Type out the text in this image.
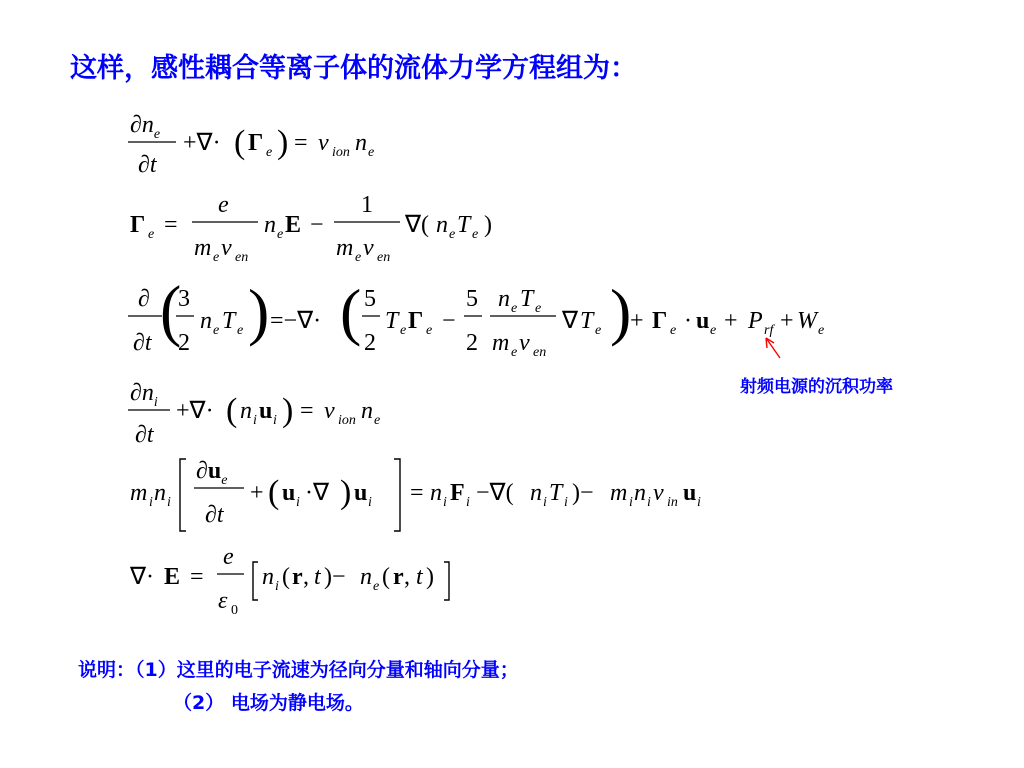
这样，感性耦合等离子体的流体力学方程组为：
$\partial n_e$
∂t
+∇· ( Γ e ) = ν ion n e
Γ e =
e
m e ν en
n e E −
1
m e ν en
∇( n e T e )
∂
∂t (
3
2
n e T e ) =−∇· ( 5
2
T e Γ e −
5
2
n e T e
m e ν en
∇ T e )
+ Γ e · u e + P rf + W e
$\partial n_i$
∂t
+∇· ( n i u i ) = ν ion n e
m i n i
$\partial u_e$
∂t
+ ( u i ·∇ ) u i = n i F i −∇( n i T i )− m i n i ν in u i
∇· E =
e
ε 0
n i ( r , t )− n e ( r , t )
射频电源的沉积功率
说明：（1）这里的电子流速为径向分量和轴向分量；
（2） 电场为静电场。
